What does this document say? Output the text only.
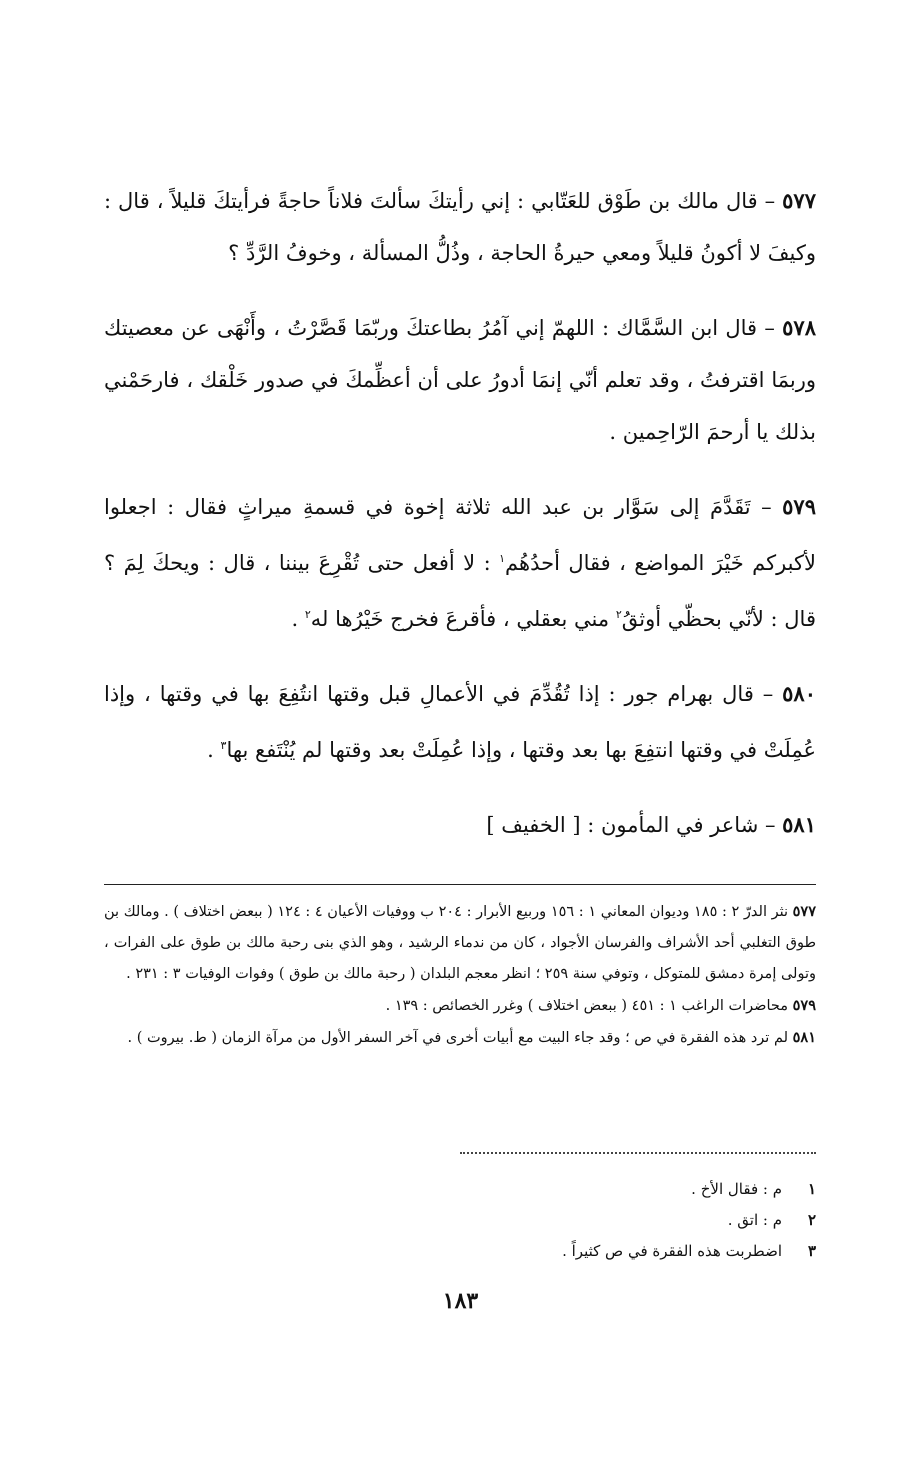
٥٧٧ – قال مالك بن طَوْق للعَتّابي : إني رأيتكَ سألتَ فلاناً حاجةً فرأيتكَ قليلاً ، قال : وكيفَ لا أكونُ قليلاً ومعي حيرةُ الحاجة ، وذُلُّ المسألة ، وخوفُ الرَّدِّ ؟

٥٧٨ – قال ابن السَّمَّاك : اللهمّ إني آمُرُ بطاعتكَ وربّمَا قَصَّرْتُ ، وأَنْهَى عن معصيتك وربمَا اقترفتُ ، وقد تعلم أنّي إنمَا أدورُ على أن أعظِّمكَ في صدور خَلْقك ، فارحَمْني بذلك يا أرحمَ الرّاحِمين .

٥٧٩ – تَقَدَّمَ إلى سَوَّار بن عبد الله ثلاثة إخوة في قسمةِ ميراثٍ فقال : اجعلوا لأكبركم خَيْرَ المواضع ، فقال أحدُهُم$^١$ : لا أفعل حتى تُقْرِعَ بيننا ، قال : ويحكَ لِمَ ؟ قال : لأنّي بحظّي أوثقُ$^٢$ مني بعقلي ، فأقرعَ فخرج خَيْرُها له$^٢$ .

٥٨٠ – قال بهرام جور : إذا تُقُدِّمَ في الأعمالِ قبل وقتها انتُفِعَ بها في وقتها ، وإذا عُمِلَتْ في وقتها انتفِعَ بها بعد وقتها ، وإذا عُمِلَتْ بعد وقتها لم يُنْتَفع بها$^٣$ .

٥٨١ – شاعر في المأمون : [ الخفيف ]

٥٧٧ نثر الدرّ ٢ : ١٨٥ وديوان المعاني ١ : ١٥٦ وربيع الأبرار : ٢٠٤ ب ووفيات الأعيان ٤ : ١٢٤ ( ببعض اختلاف ) . ومالك بن طوق التغلبي أحد الأشراف والفرسان الأجواد ، كان من ندماء الرشيد ، وهو الذي بنى رحبة مالك بن طوق على الفرات ، وتولى إمرة دمشق للمتوكل ، وتوفي سنة ٢٥٩ ؛ انظر معجم البلدان ( رحبة مالك بن طوق ) وفوات الوفيات ٣ : ٢٣١ .

٥٧٩ محاضرات الراغب ١ : ٤٥١ ( ببعض اختلاف ) وغرر الخصائص : ١٣٩ .

٥٨١ لم ترد هذه الفقرة في ص ؛ وقد جاء البيت مع أبيات أخرى في آخر السفر الأول من مرآة الزمان ( ط. بيروت ) .

١
م : فقال الأخ .
٢
م : اتق .
٣
اضطربت هذه الفقرة في ص كثيراً .
١٨٣
